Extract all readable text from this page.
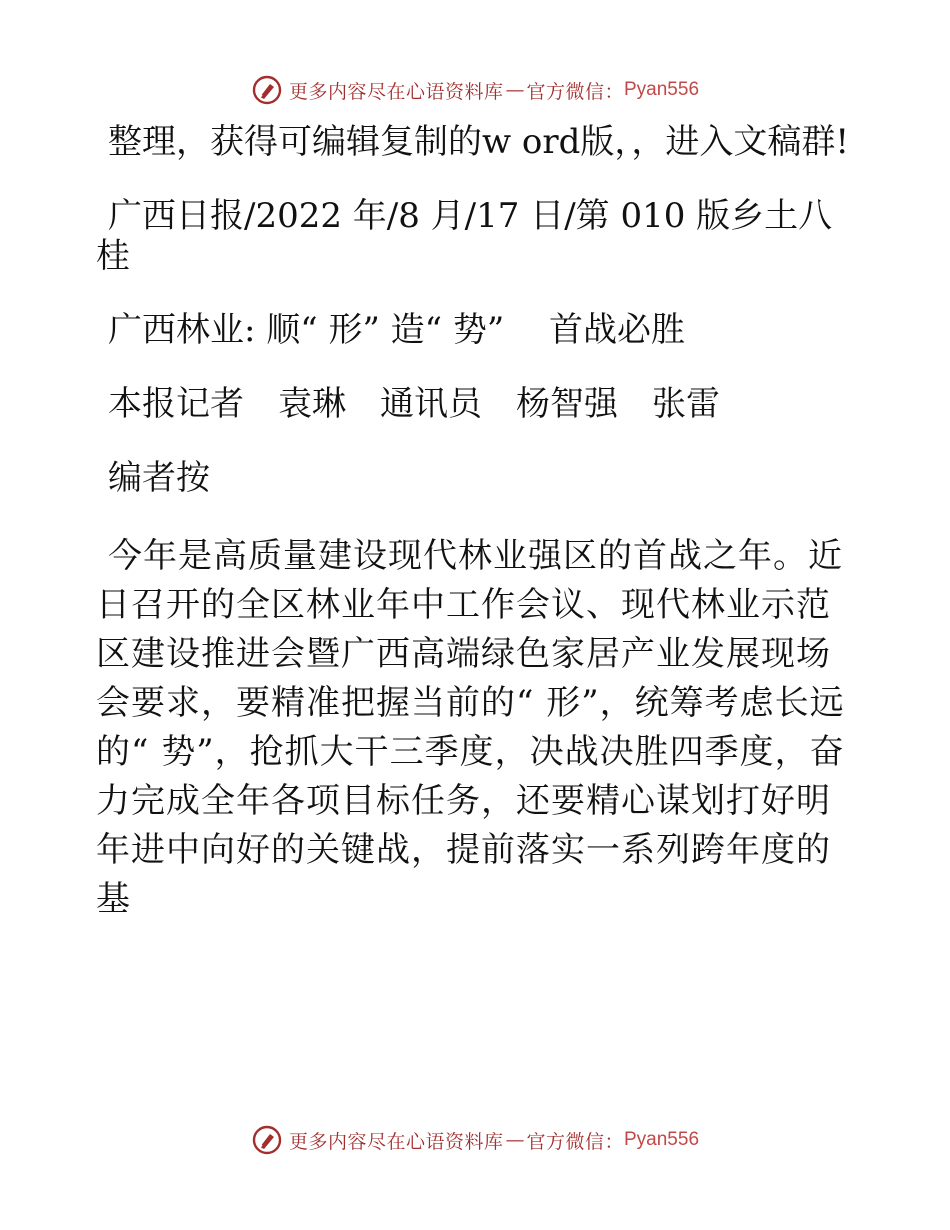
更多内容尽在心语资料库 — 官方微信： Pyan556

整理，获得可编辑复制的w ord版，，进入文稿群!

广西日报/2022 年/8 月/17 日/第 010 版乡土八桂

广西林业: 顺“ 形” 造“ 势”　 首战必胜

本报记者　袁琳　通讯员　杨智强　张雷

编者按

今年是高质量建设现代林业强区的首战之年。近日召开的全区林业年中工作会议、现代林业示范区建设推进会暨广西高端绿色家居产业发展现场会要求，要精准把握当前的“ 形”，统筹考虑长远的“ 势”，抢抓大干三季度，决战决胜四季度，奋力完成全年各项目标任务，还要精心谋划打好明年进中向好的关键战，提前落实一系列跨年度的基

更多内容尽在心语资料库 — 官方微信： Pyan556
